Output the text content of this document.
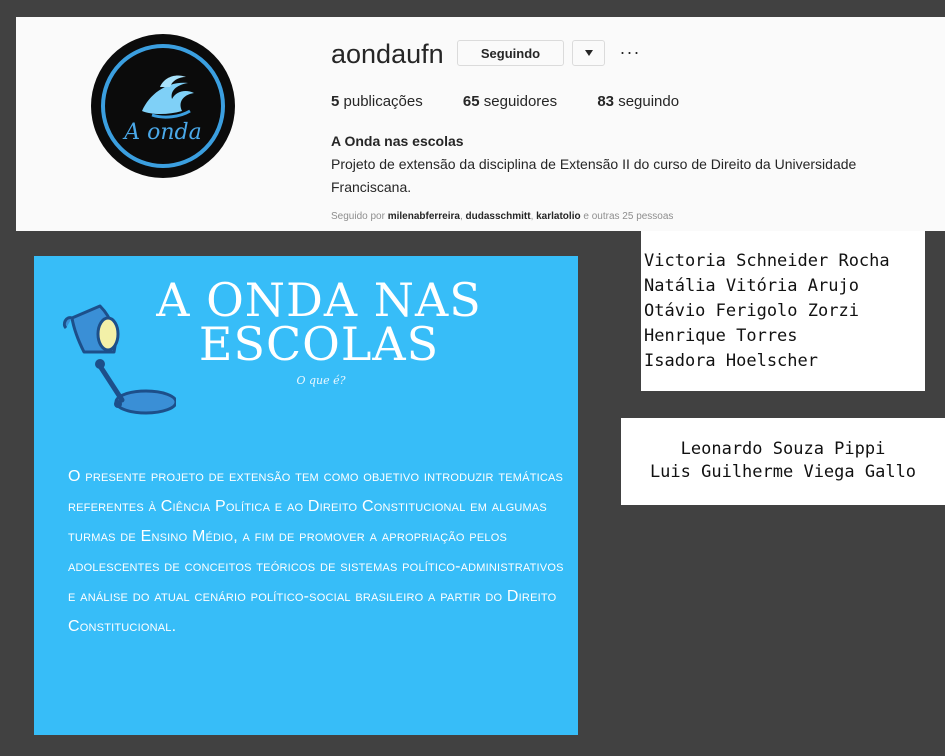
A onda
aondaufn	Seguindo	···
5 publicações	65 seguidores	83 seguindo
A Onda nas escolas
Projeto de extensão da disciplina de Extensão II do curso de Direito da Universidade Franciscana.
Seguido por milenabferreira, dudasschmitt, karlatolio e outras 25 pessoas
A ONDA NAS
ESCOLAS
O que é?
O presente projeto de extensão tem como objetivo introduzir temáticas referentes à Ciência Política e ao Direito Constitucional em algumas turmas de Ensino Médio, a fim de promover a apropriação pelos adolescentes de conceitos teóricos de sistemas político-administrativos e análise do atual cenário político-social brasileiro a partir do Direito Constitucional.
Victoria Schneider Rocha
Natália Vitória Arujo
Otávio Ferigolo Zorzi
Henrique Torres
Isadora Hoelscher
Leonardo Souza Pippi
Luis Guilherme Viega Gallo
